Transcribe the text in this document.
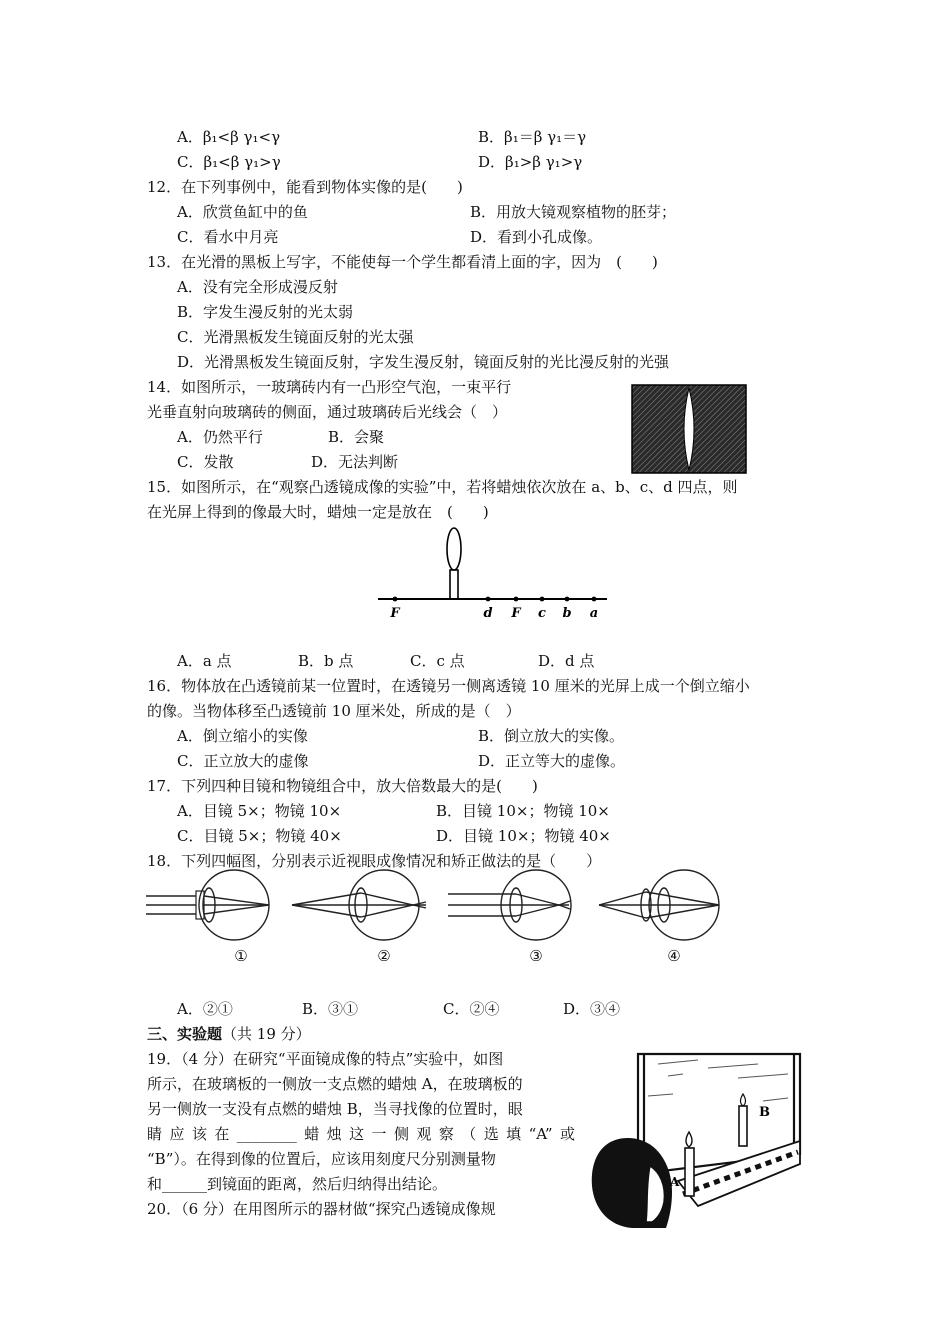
A．β₁<β γ₁<γ	B．β₁＝β γ₁＝γ
C．β₁<β γ₁>γ	D．β₁>β γ₁>γ
12．在下列事例中，能看到物体实像的是(　　)
A．欣赏鱼缸中的鱼	B．用放大镜观察植物的胚芽；
C．看水中月亮	D．看到小孔成像。
13．在光滑的黑板上写字，不能使每一个学生都看清上面的字，因为　(　　)
A．没有完全形成漫反射
B．字发生漫反射的光太弱
C．光滑黑板发生镜面反射的光太强
D．光滑黑板发生镜面反射，字发生漫反射，镜面反射的光比漫反射的光强
14．如图所示，一玻璃砖内有一凸形空气泡，一束平行
光垂直射向玻璃砖的侧面，通过玻璃砖后光线会（　）
A．仍然平行	B．会聚
C．发散	D．无法判断
15．如图所示，在“观察凸透镜成像的实验”中，若将蜡烛依次放在 a、b、c、d 四点，则
在光屏上得到的像最大时，蜡烛一定是放在　(　　)
F	d F c b a
A．a 点	B．b 点	C．c 点	D．d 点
16．物体放在凸透镜前某一位置时，在透镜另一侧离透镜 10 厘米的光屏上成一个倒立缩小
的像。当物体移至凸透镜前 10 厘米处，所成的是（　）
A．倒立缩小的实像	B．倒立放大的实像。
C．正立放大的虚像	D．正立等大的虚像。
17．下列四种目镜和物镜组合中，放大倍数最大的是(　　)
A．目镜 5×；物镜 10×	B．目镜 10×；物镜 10×
C．目镜 5×；物镜 40×	D．目镜 10×；物镜 40×
18．下列四幅图，分别表示近视眼成像情况和矫正做法的是（　　）
①	②	③	④
A．②①	B．③①	C．②④	D．③④
三、实验题（共 19 分）
19．（4 分）在研究“平面镜成像的特点”实验中，如图
所示，在玻璃板的一侧放一支点燃的蜡烛 A，在玻璃板的
另一侧放一支没有点燃的蜡烛 B，当寻找像的位置时，眼
睛应该在________蜡烛这一侧观察（选填“A”或
“B”）。在得到像的位置后，应该用刻度尺分别测量物
和______到镜面的距离，然后归纳得出结论。
B
A
20．（6 分）在用图所示的器材做“探究凸透镜成像规
